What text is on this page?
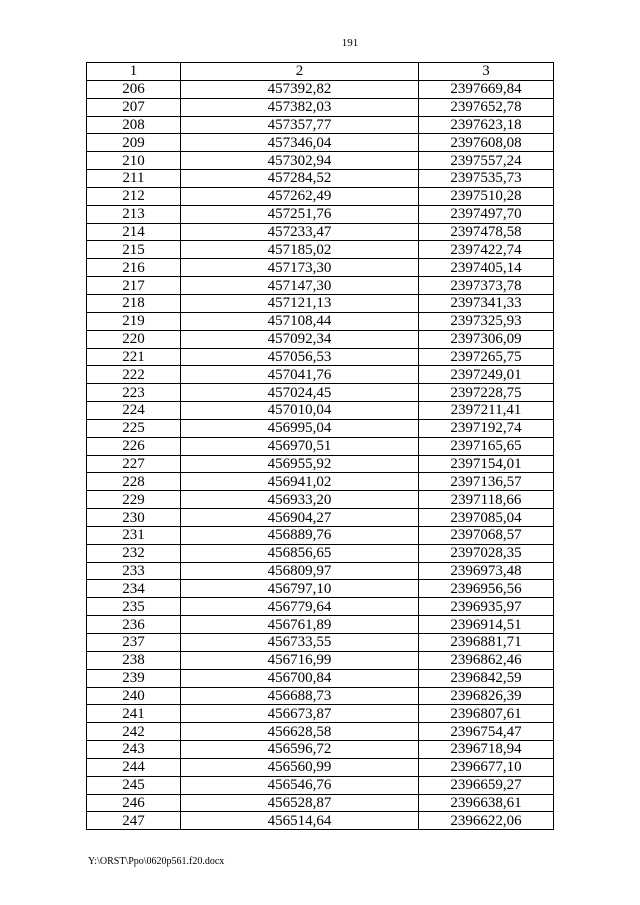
191
1	2	3
206	457392,82	2397669,84
207	457382,03	2397652,78
208	457357,77	2397623,18
209	457346,04	2397608,08
210	457302,94	2397557,24
211	457284,52	2397535,73
212	457262,49	2397510,28
213	457251,76	2397497,70
214	457233,47	2397478,58
215	457185,02	2397422,74
216	457173,30	2397405,14
217	457147,30	2397373,78
218	457121,13	2397341,33
219	457108,44	2397325,93
220	457092,34	2397306,09
221	457056,53	2397265,75
222	457041,76	2397249,01
223	457024,45	2397228,75
224	457010,04	2397211,41
225	456995,04	2397192,74
226	456970,51	2397165,65
227	456955,92	2397154,01
228	456941,02	2397136,57
229	456933,20	2397118,66
230	456904,27	2397085,04
231	456889,76	2397068,57
232	456856,65	2397028,35
233	456809,97	2396973,48
234	456797,10	2396956,56
235	456779,64	2396935,97
236	456761,89	2396914,51
237	456733,55	2396881,71
238	456716,99	2396862,46
239	456700,84	2396842,59
240	456688,73	2396826,39
241	456673,87	2396807,61
242	456628,58	2396754,47
243	456596,72	2396718,94
244	456560,99	2396677,10
245	456546,76	2396659,27
246	456528,87	2396638,61
247	456514,64	2396622,06
Y:\ORST\Ppo\0620p561.f20.docx
